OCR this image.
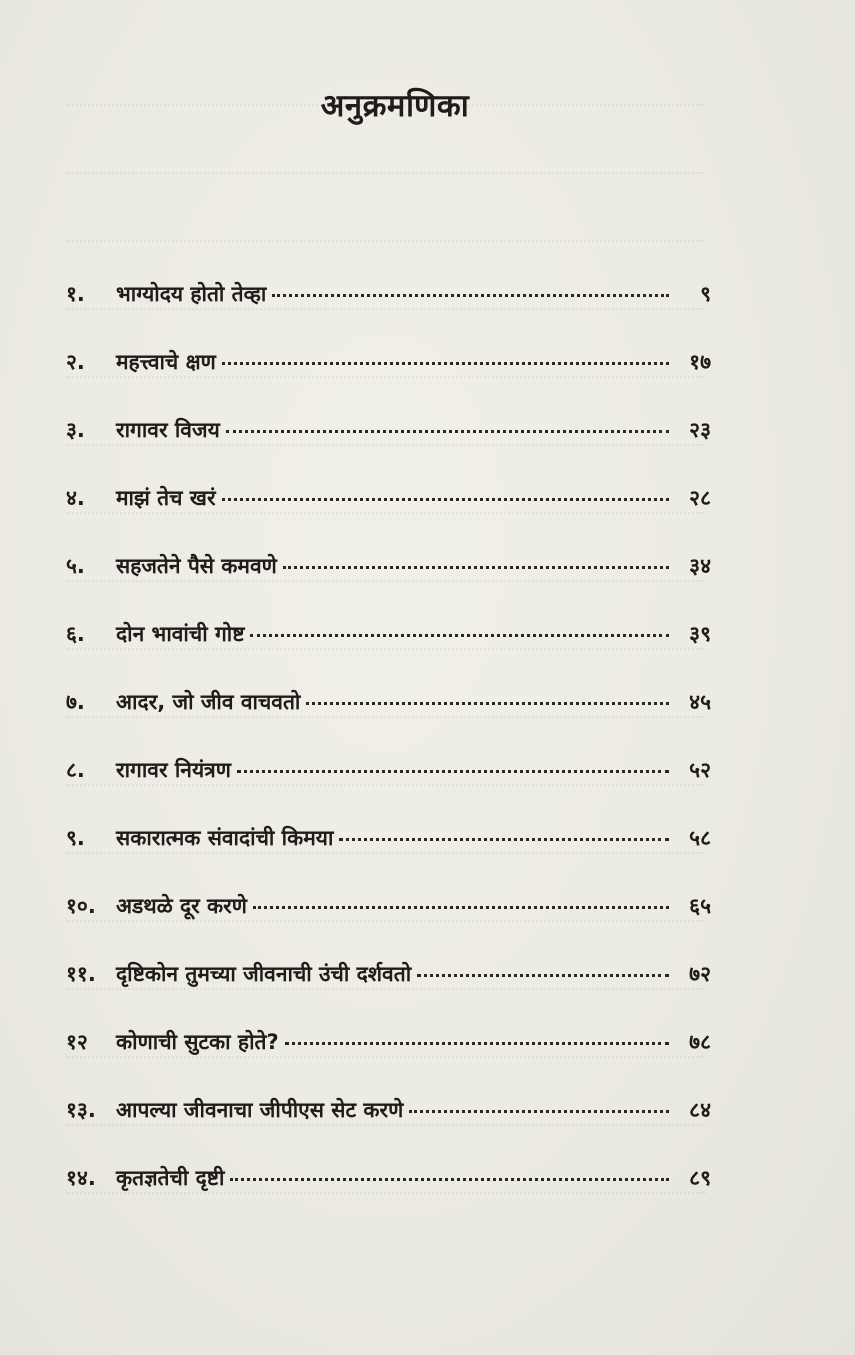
अनुक्रमणिका
१.	भाग्योदय होतो तेव्हा	९
२.	महत्त्वाचे क्षण	१७
३.	रागावर विजय	२३
४.	माझं तेच खरं	२८
५.	सहजतेने पैसे कमवणे	३४
६.	दोन भावांची गोष्ट	३९
७.	आदर, जो जीव वाचवतो	४५
८.	रागावर नियंत्रण	५२
९.	सकारात्मक संवादांची किमया	५८
१०. अडथळे दूर करणे	६५
११. दृष्टिकोन तुमच्या जीवनाची उंची दर्शवतो	७२
१२	कोणाची सुटका होते?	७८
१३. आपल्या जीवनाचा जीपीएस सेट करणे	८४
१४. कृतज्ञतेची दृष्टी	८९
